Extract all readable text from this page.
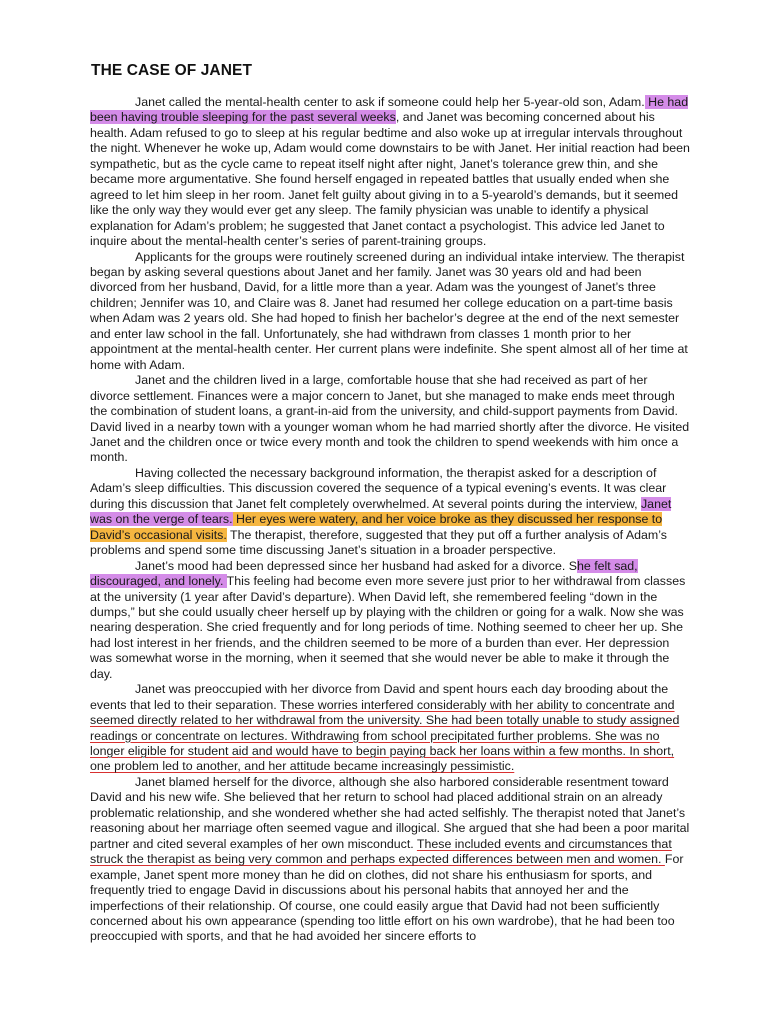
THE CASE OF JANET

Janet called the mental-health center to ask if someone could help her 5-year-old son, Adam. He had been having trouble sleeping for the past several weeks, and Janet was becoming concerned about his health. Adam refused to go to sleep at his regular bedtime and also woke up at irregular intervals throughout the night. Whenever he woke up, Adam would come downstairs to be with Janet. Her initial reaction had been sympathetic, but as the cycle came to repeat itself night after night, Janet’s tolerance grew thin, and she became more argumentative. She found herself engaged in repeated battles that usually ended when she agreed to let him sleep in her room. Janet felt guilty about giving in to a 5-yearold’s demands, but it seemed like the only way they would ever get any sleep. The family physician was unable to identify a physical explanation for Adam’s problem; he suggested that Janet contact a psychologist. This advice led Janet to inquire about the mental-health center’s series of parent-training groups.

Applicants for the groups were routinely screened during an individual intake interview. The therapist began by asking several questions about Janet and her family. Janet was 30 years old and had been divorced from her husband, David, for a little more than a year. Adam was the youngest of Janet’s three children; Jennifer was 10, and Claire was 8. Janet had resumed her college education on a part-time basis when Adam was 2 years old. She had hoped to finish her bachelor’s degree at the end of the next semester and enter law school in the fall. Unfortunately, she had withdrawn from classes 1 month prior to her appointment at the mental-health center. Her current plans were indefinite. She spent almost all of her time at home with Adam.

Janet and the children lived in a large, comfortable house that she had received as part of her divorce settlement. Finances were a major concern to Janet, but she managed to make ends meet through the combination of student loans, a grant-in-aid from the university, and child-support payments from David. David lived in a nearby town with a younger woman whom he had married shortly after the divorce. He visited Janet and the children once or twice every month and took the children to spend weekends with him once a month.

Having collected the necessary background information, the therapist asked for a description of Adam’s sleep difficulties. This discussion covered the sequence of a typical evening’s events. It was clear during this discussion that Janet felt completely overwhelmed. At several points during the interview, Janet was on the verge of tears. Her eyes were watery, and her voice broke as they discussed her response to David’s occasional visits. The therapist, therefore, suggested that they put off a further analysis of Adam’s problems and spend some time discussing Janet’s situation in a broader perspective.

Janet’s mood had been depressed since her husband had asked for a divorce. She felt sad, discouraged, and lonely. This feeling had become even more severe just prior to her withdrawal from classes at the university (1 year after David’s departure). When David left, she remembered feeling “down in the dumps,” but she could usually cheer herself up by playing with the children or going for a walk. Now she was nearing desperation. She cried frequently and for long periods of time. Nothing seemed to cheer her up. She had lost interest in her friends, and the children seemed to be more of a burden than ever. Her depression was somewhat worse in the morning, when it seemed that she would never be able to make it through the day.

Janet was preoccupied with her divorce from David and spent hours each day brooding about the events that led to their separation. These worries interfered considerably with her ability to concentrate and seemed directly related to her withdrawal from the university. She had been totally unable to study assigned readings or concentrate on lectures. Withdrawing from school precipitated further problems. She was no longer eligible for student aid and would have to begin paying back her loans within a few months. In short, one problem led to another, and her attitude became increasingly pessimistic.

Janet blamed herself for the divorce, although she also harbored considerable resentment toward David and his new wife. She believed that her return to school had placed additional strain on an already problematic relationship, and she wondered whether she had acted selfishly. The therapist noted that Janet’s reasoning about her marriage often seemed vague and illogical. She argued that she had been a poor marital partner and cited several examples of her own misconduct. These included events and circumstances that struck the therapist as being very common and perhaps expected differences between men and women. For example, Janet spent more money than he did on clothes, did not share his enthusiasm for sports, and frequently tried to engage David in discussions about his personal habits that annoyed her and the imperfections of their relationship. Of course, one could easily argue that David had not been sufficiently concerned about his own appearance (spending too little effort on his own wardrobe), that he had been too preoccupied with sports, and that he had avoided her sincere efforts to
